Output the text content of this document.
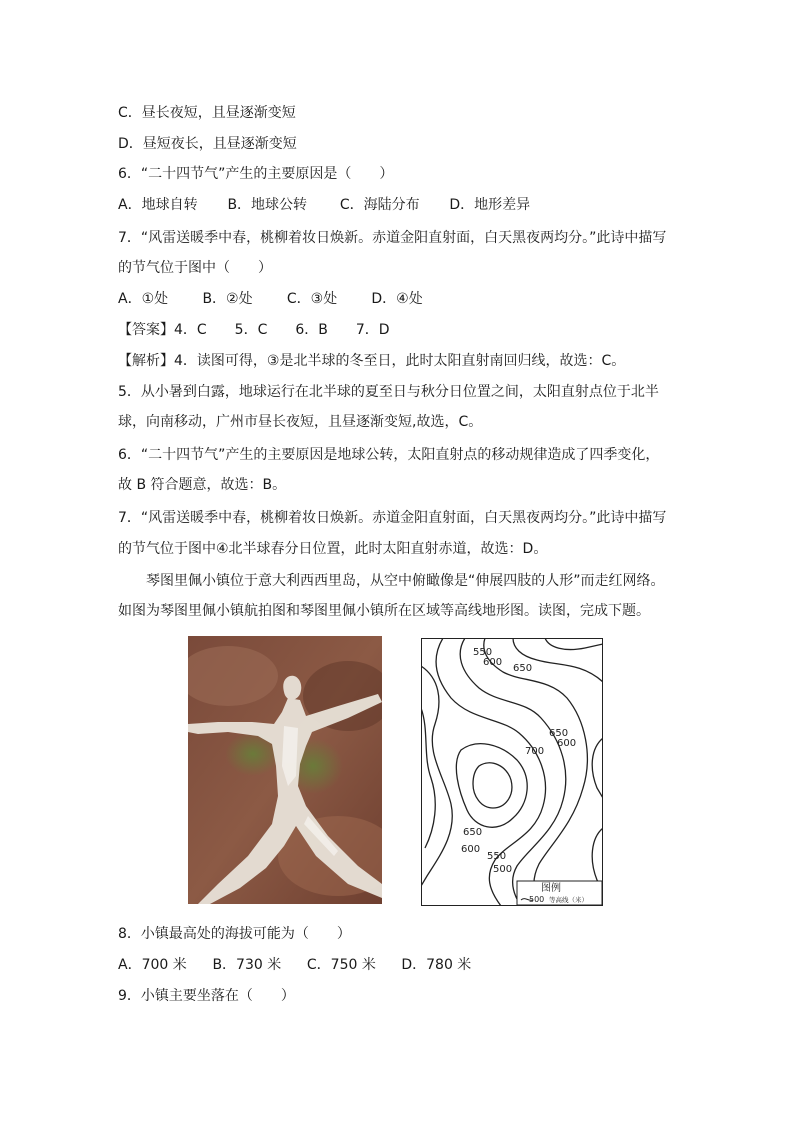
C．昼长夜短，且昼逐渐变短
D．昼短夜长，且昼逐渐变短
6．“二十四节气”产生的主要原因是（　　）
A．地球自转 B．地球公转 C．海陆分布 D．地形差异
7．“风雷送暖季中春，桃柳着妆日焕新。赤道金阳直射面，白天黑夜两均分。”此诗中描写
的节气位于图中（　　）
A．①处 B．②处 C．③处 D．④处
【答案】4．C　　5．C　　6．B　　7．D
【解析】4．读图可得，③是北半球的冬至日，此时太阳直射南回归线，故选：C。
5．从小暑到白露，地球运行在北半球的夏至日与秋分日位置之间，太阳直射点位于北半
球，向南移动，广州市昼长夜短，且昼逐渐变短,故选，C。
6．“二十四节气”产生的主要原因是地球公转，太阳直射点的移动规律造成了四季变化，
故 B 符合题意，故选：B。
7．“风雷送暖季中春，桃柳着妆日焕新。赤道金阳直射面，白天黑夜两均分。”此诗中描写
的节气位于图中④北半球春分日位置，此时太阳直射赤道，故选：D。
琴图里佩小镇位于意大利西西里岛，从空中俯瞰像是“伸展四肢的人形”而走红网络。
如图为琴图里佩小镇航拍图和琴图里佩小镇所在区域等高线地形图。读图，完成下题。
550
600
650
650
600
700
650
600
550
500
图例
500 等高线（米）
8．小镇最高处的海拔可能为（　　）
A．700 米 B．730 米 C．750 米 D．780 米
9．小镇主要坐落在（　　）
